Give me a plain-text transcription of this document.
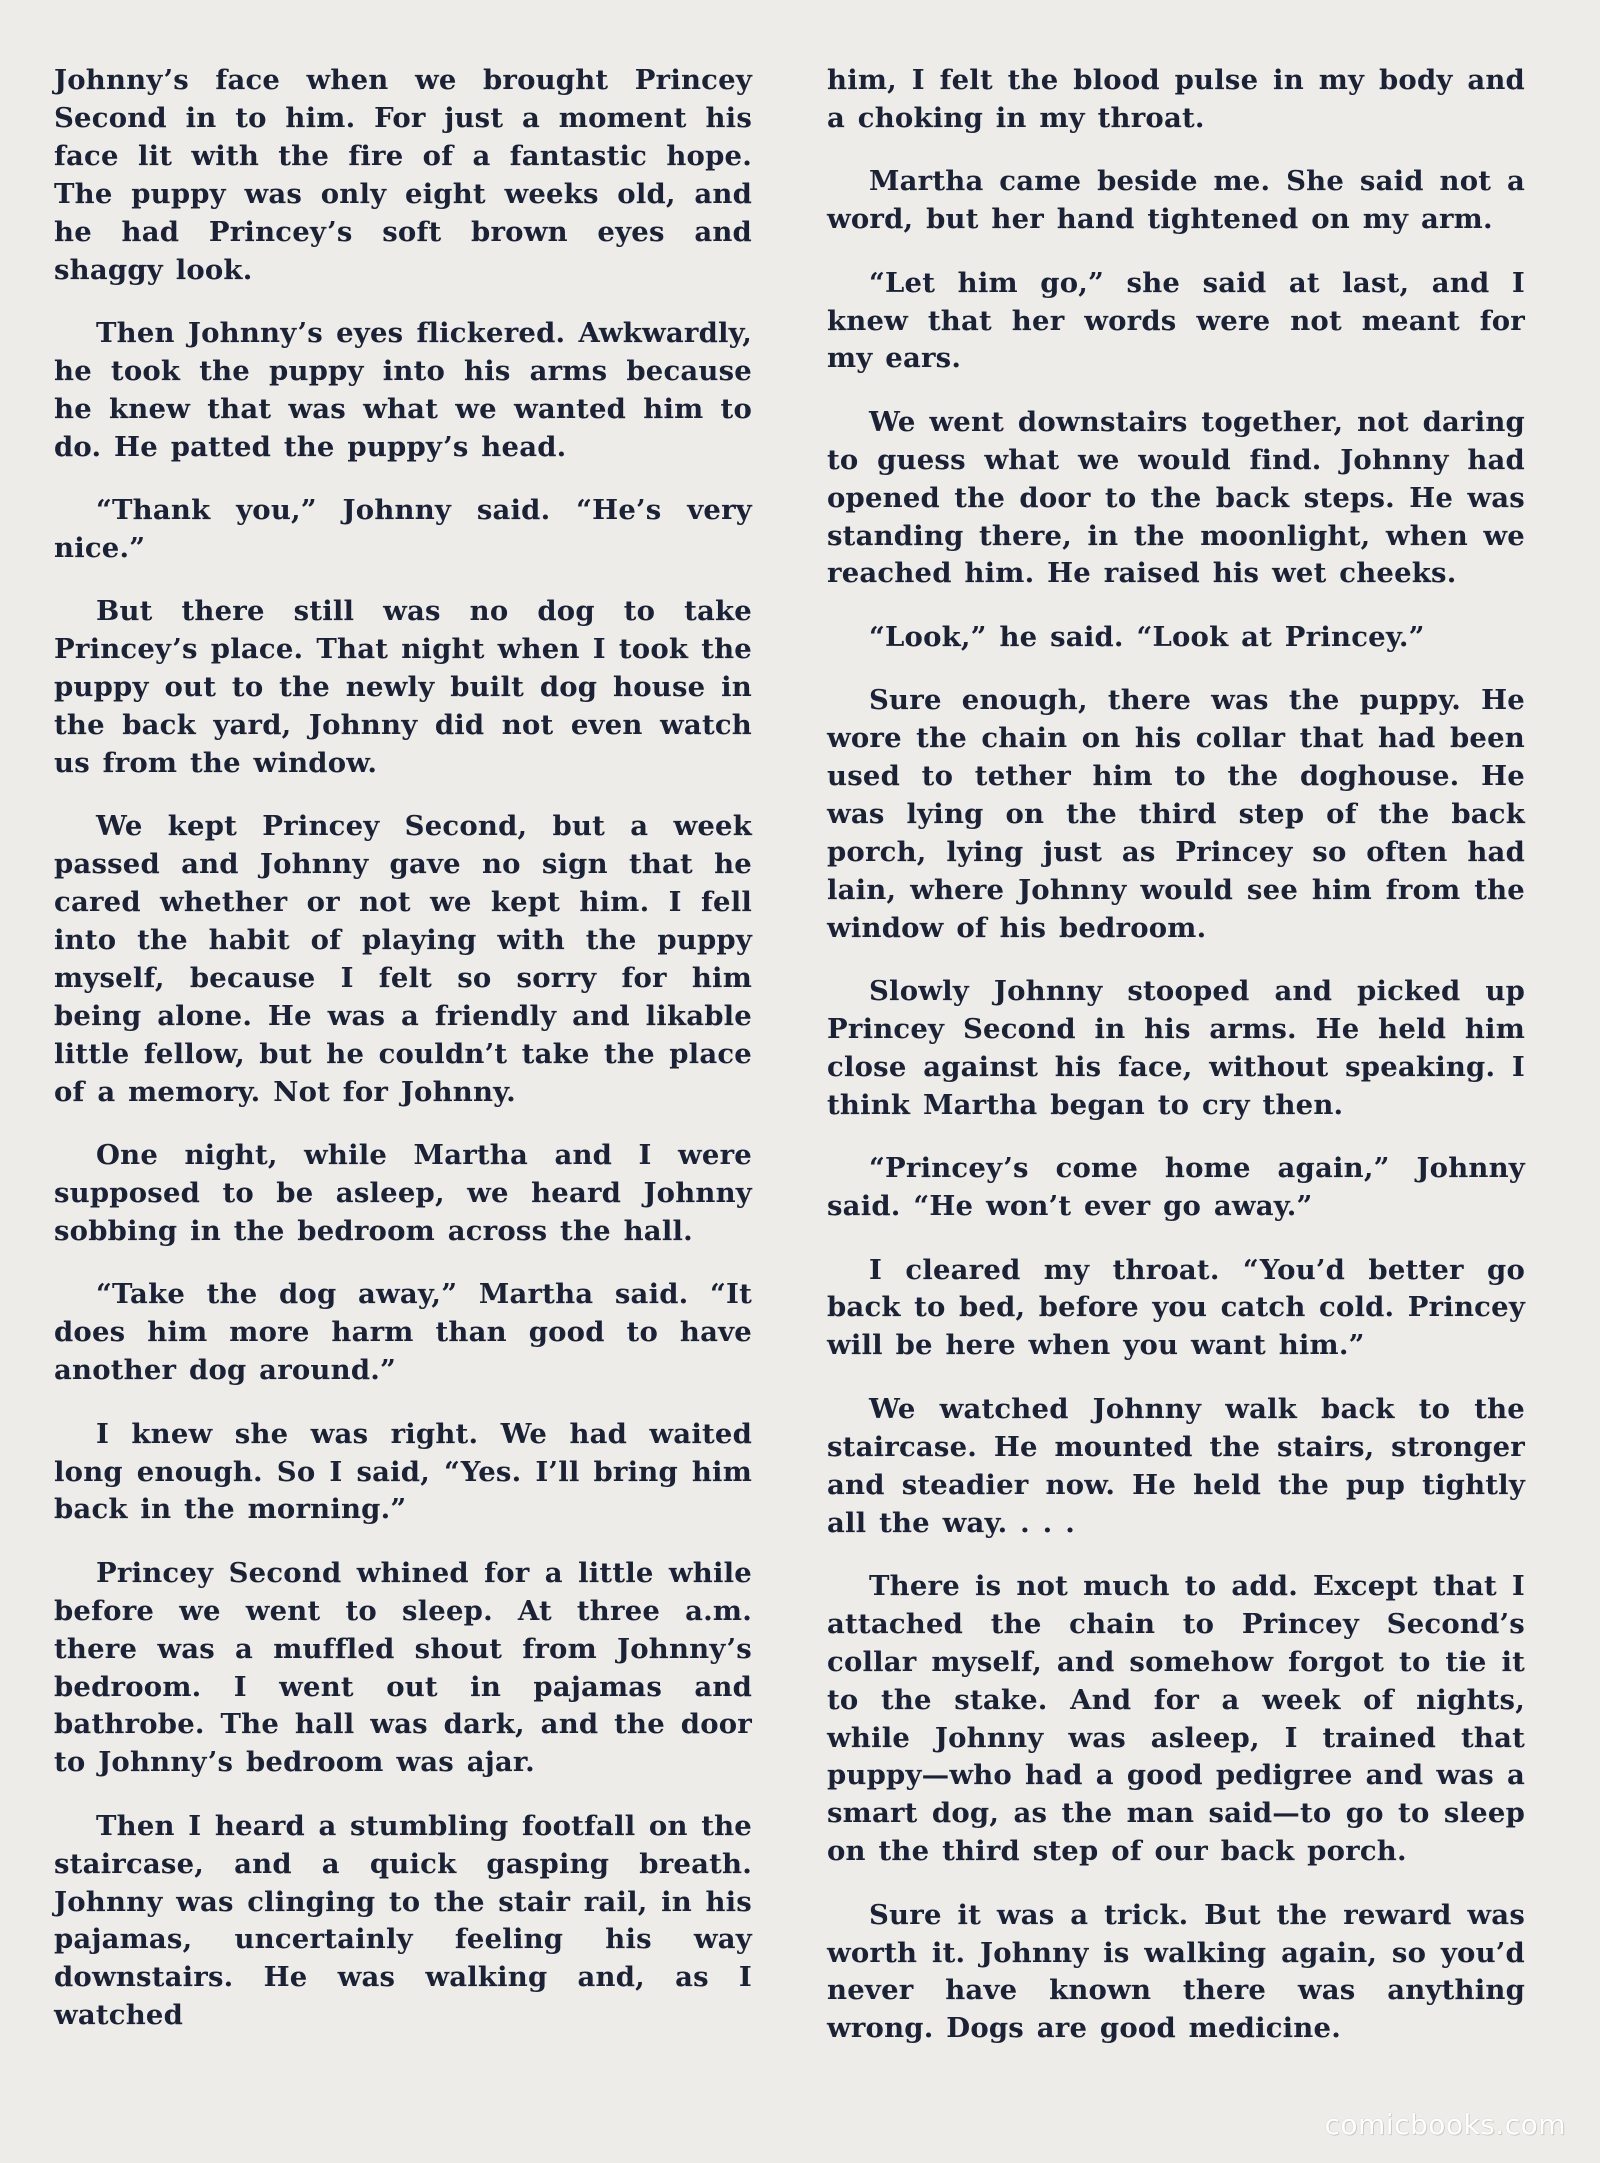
Johnny’s face when we brought Princey Second in to him. For just a moment his face lit with the fire of a fantastic hope. The puppy was only eight weeks old, and he had Princey’s soft brown eyes and shaggy look.

Then Johnny’s eyes flickered. Awkwardly, he took the puppy into his arms because he knew that was what we wanted him to do. He patted the puppy’s head.

“Thank you,” Johnny said. “He’s very nice.”

But there still was no dog to take Princey’s place. That night when I took the puppy out to the newly built dog house in the back yard, Johnny did not even watch us from the window.

We kept Princey Second, but a week passed and Johnny gave no sign that he cared whether or not we kept him. I fell into the habit of playing with the puppy myself, because I felt so sorry for him being alone. He was a friendly and likable little fellow, but he couldn’t take the place of a memory. Not for Johnny.

One night, while Martha and I were supposed to be asleep, we heard Johnny sobbing in the bedroom across the hall.

“Take the dog away,” Martha said. “It does him more harm than good to have another dog around.”

I knew she was right. We had waited long enough. So I said, “Yes. I’ll bring him back in the morning.”

Princey Second whined for a little while before we went to sleep. At three a.m. there was a muffled shout from Johnny’s bedroom. I went out in pajamas and bathrobe. The hall was dark, and the door to Johnny’s bedroom was ajar.

Then I heard a stumbling footfall on the staircase, and a quick gasping breath. Johnny was clinging to the stair rail, in his pajamas, uncertainly feeling his way downstairs. He was walking and, as I watched

him, I felt the blood pulse in my body and a choking in my throat.

Martha came beside me. She said not a word, but her hand tightened on my arm.

“Let him go,” she said at last, and I knew that her words were not meant for my ears.

We went downstairs together, not daring to guess what we would find. Johnny had opened the door to the back steps. He was standing there, in the moonlight, when we reached him. He raised his wet cheeks.

“Look,” he said. “Look at Princey.”

Sure enough, there was the puppy. He wore the chain on his collar that had been used to tether him to the doghouse. He was lying on the third step of the back porch, lying just as Princey so often had lain, where Johnny would see him from the window of his bedroom.

Slowly Johnny stooped and picked up Princey Second in his arms. He held him close against his face, without speaking. I think Martha began to cry then.

“Princey’s come home again,” Johnny said. “He won’t ever go away.”

I cleared my throat. “You’d better go back to bed, before you catch cold. Princey will be here when you want him.”

We watched Johnny walk back to the staircase. He mounted the stairs, stronger and steadier now. He held the pup tightly all the way. . . .

There is not much to add. Except that I attached the chain to Princey Second’s collar myself, and somehow forgot to tie it to the stake. And for a week of nights, while Johnny was asleep, I trained that puppy—who had a good pedigree and was a smart dog, as the man said—to go to sleep on the third step of our back porch.

Sure it was a trick. But the reward was worth it. Johnny is walking again, so you’d never have known there was anything wrong. Dogs are good medicine.

comicbooks.com
